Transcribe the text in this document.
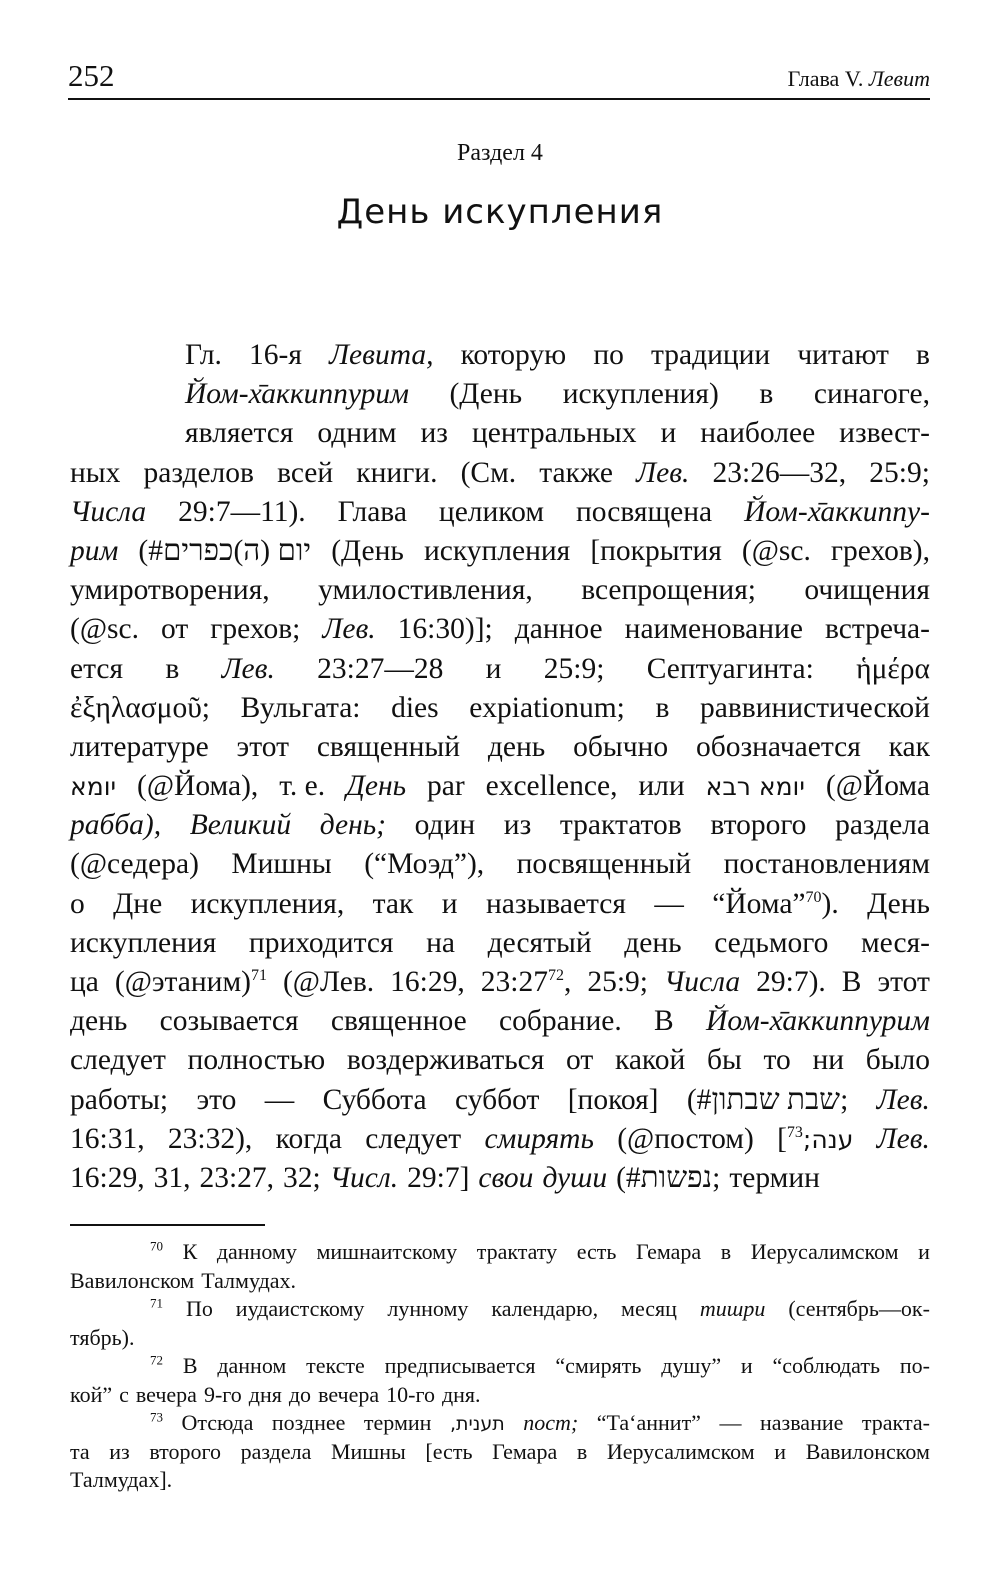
252	Глава V. Левит
Раздел 4
День искупления
Гл. 16-я Левита, которую по традиции читают в
Йом-х̄аккиппурим (День искупления) в синагоге,
является одним из центральных и наиболее извест-
ных разделов всей книги. (См. также Лев. 23:26—32, 25:9;
Числа 29:7—11). Глава целиком посвящена Йом-х̄аккиппу-
рим (#יום (ה)כפרים (День искупления [покрытия (@sc. грехов),
умиротворения, умилостивления, всепрощения; очищения
(@sc. от грехов; Лев. 16:30)]; данное наименование встреча-
ется в Лев. 23:27—28 и 25:9; Септуагинта: ἡμέρα
ἐξηλασμοῦ; Вульгата: dies expiationum; в раввинистической
литературе этот священный день обычно обозначается как
יומא (@Йома), т. е. День par excellence, или יומא רבא (@Йома
рабба), Великий день; один из трактатов второго раздела
(@седера) Мишны (“Моэд”), посвященный постановлениям
о Дне искупления, так и называется — “Йома”$^{70}$). День
искупления приходится на десятый день седьмого меся-
ца (@этаним)$^{71}$ (@Лев. 16:29, $23:27^{72}$, 25:9; Числа 29:7). В этот
день созывается священное собрание. В Йом-х̄аккиппурим
следует полностью воздерживаться от какой бы то ни было
работы; это — Суббота суббот [покоя] (#שבת שבתון; Лев.
16:31, 23:32), когда следует смирять (@постом) [$^{73}$ענה; Лев.
16:29, 31, 23:27, 32; Числ. 29:7] свои души (#נפשות; термин
$^{70}$ К данному мишнаитскому трактату есть Гемара в Иерусалимском и
Вавилонском Талмудах.
$^{71}$ По иудаистскому лунному календарю, месяц тишри (сентябрь—ок-
тябрь).
$^{72}$ В данном тексте предписывается “смирять душу” и “соблюдать по-
кой” с вечера 9-го дня до вечера 10-го дня.
$^{73}$ Отсюда позднее термин תענית, пост; “Та‘аннит” — название тракта-
та из второго раздела Мишны [есть Гемара в Иерусалимском и Вавилонском
Талмудах].
